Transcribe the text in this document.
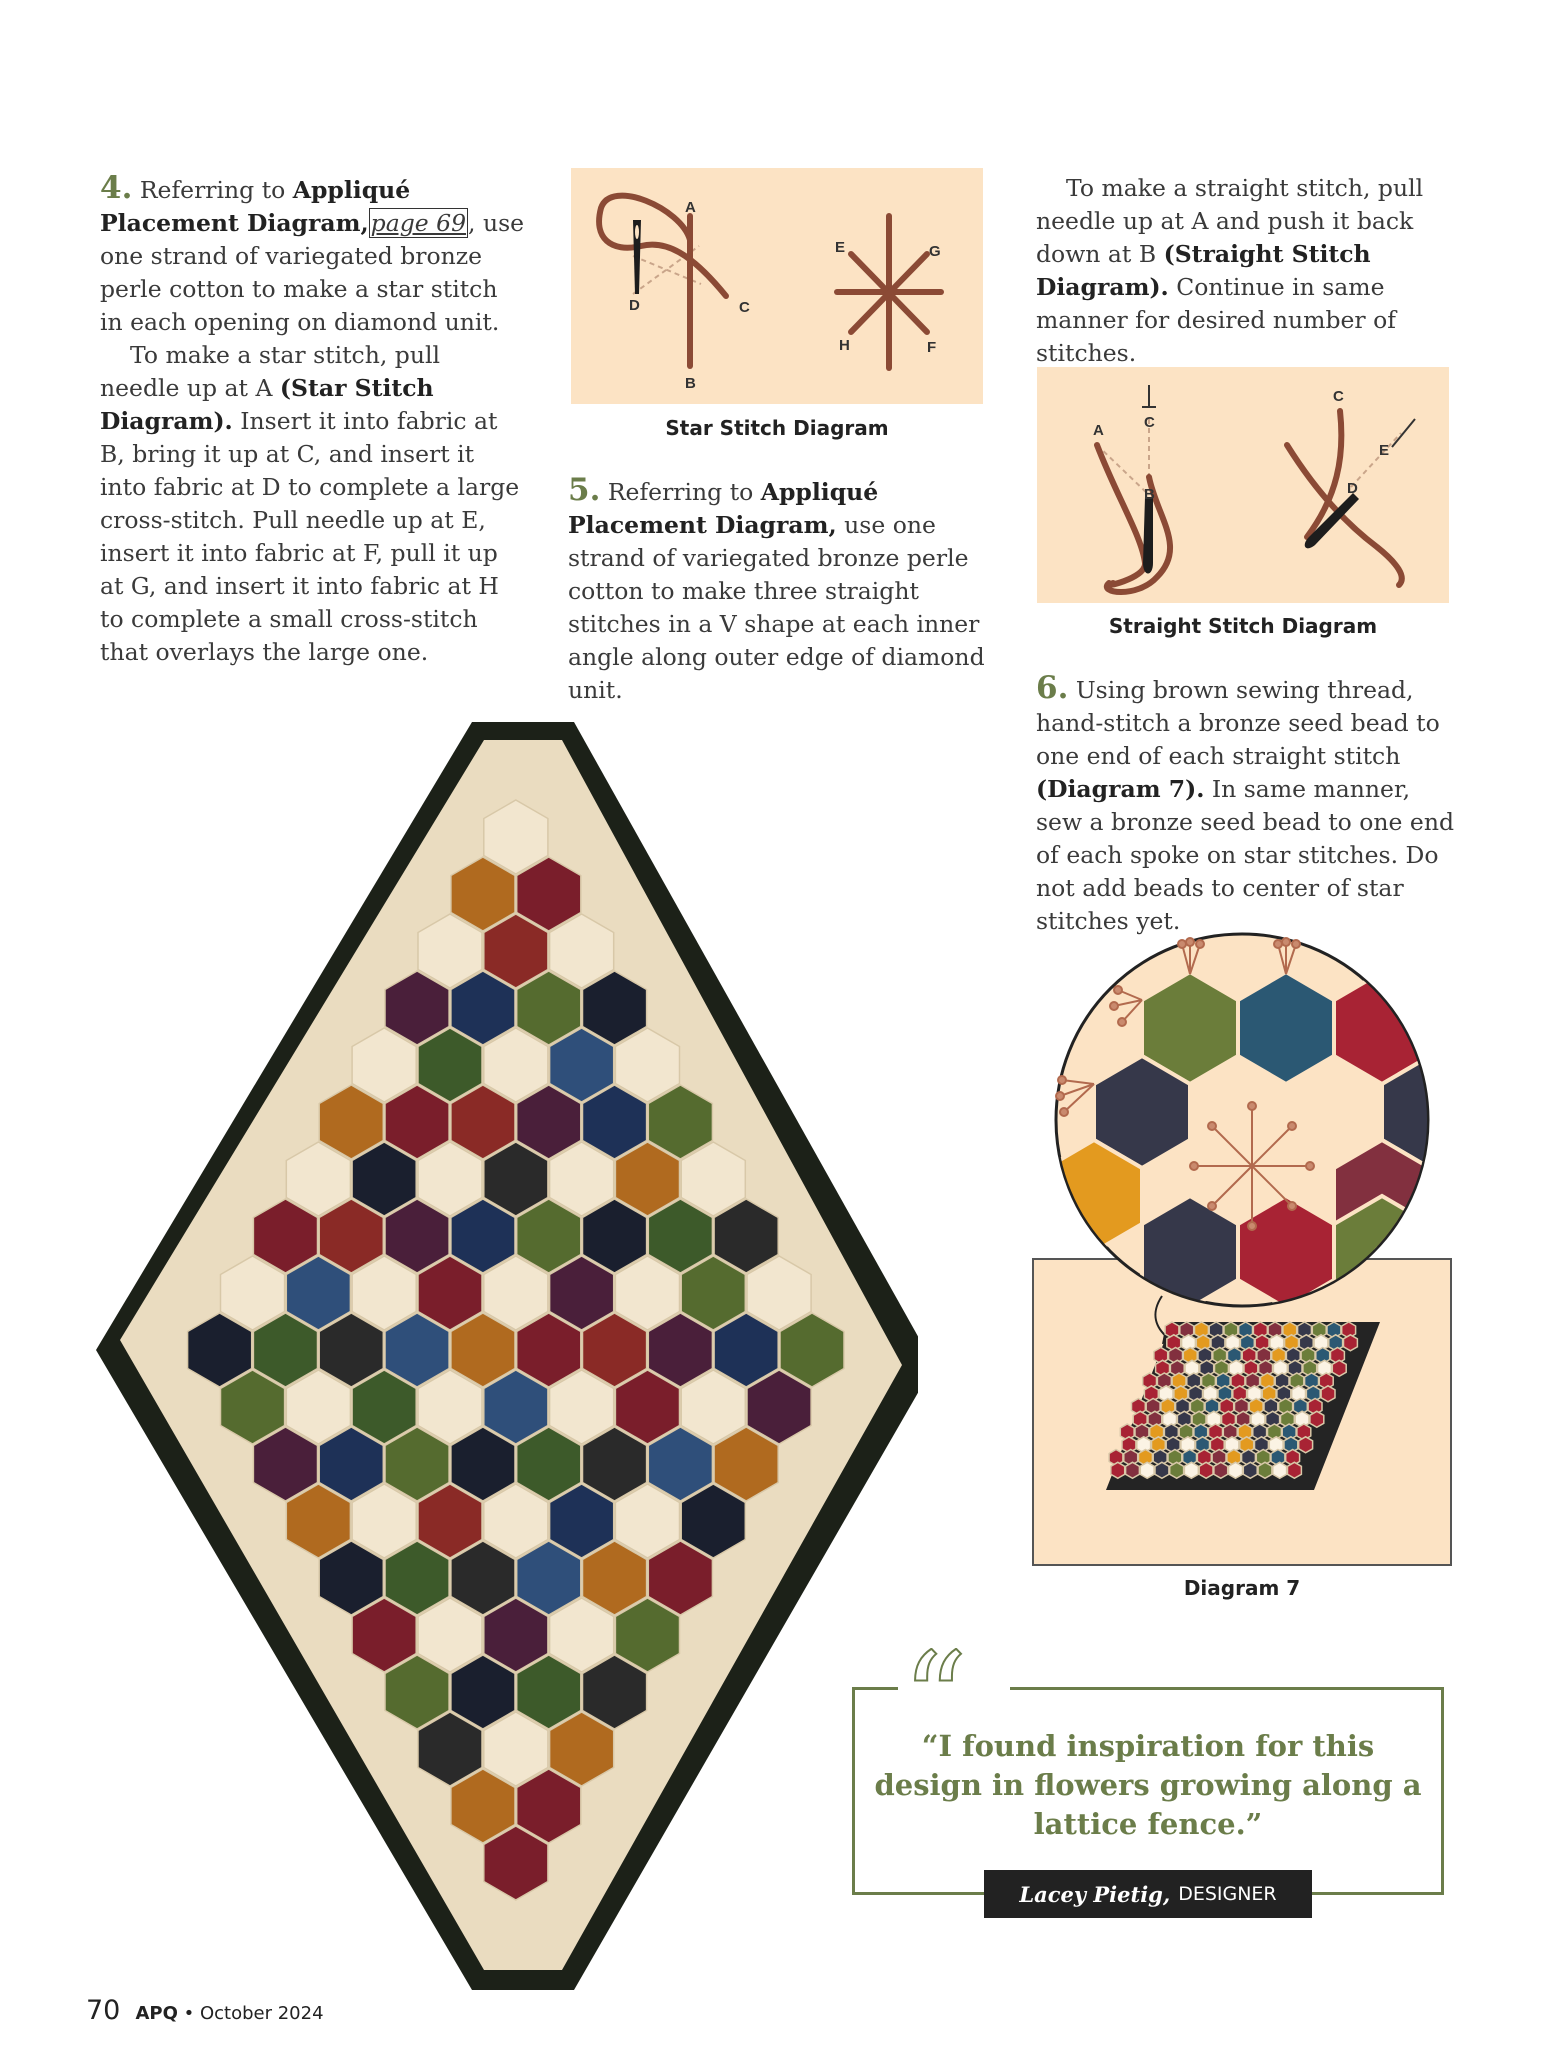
4. Referring to Appliqué Placement Diagram,page 69, use one strand of variegated bronze perle cotton to make a star stitch in each opening on diamond unit.

To make a star stitch, pull needle up at A (Star Stitch Diagram). Insert it into fabric at B, bring it up at C, and insert it into fabric at D to complete a large cross-stitch. Pull needle up at E, insert it into fabric at F, pull it up at G, and insert it into fabric at H to complete a small cross-stitch that overlays the large one.

A
B
C
D
E
F
G
H
Star Stitch Diagram

5. Referring to Appliqué Placement Diagram, use one strand of variegated bronze perle cotton to make three straight stitches in a V shape at each inner angle along outer edge of diamond unit.

To make a straight stitch, pull needle up at A and push it back down at B (Straight Stitch Diagram). Continue in same manner for desired number of stitches.

A
B
C
C
D
E
Straight Stitch Diagram

6. Using brown sewing thread, hand-stitch a bronze seed bead to one end of each straight stitch (Diagram 7). In same manner, sew a bronze seed bead to one end of each spoke on star stitches. Do not add beads to center of star stitches yet.

Diagram 7
“
“I found inspiration for this design in flowers growing along a lattice fence.”
Lacey Pietig, DESIGNER
70 APQ • October 2024
